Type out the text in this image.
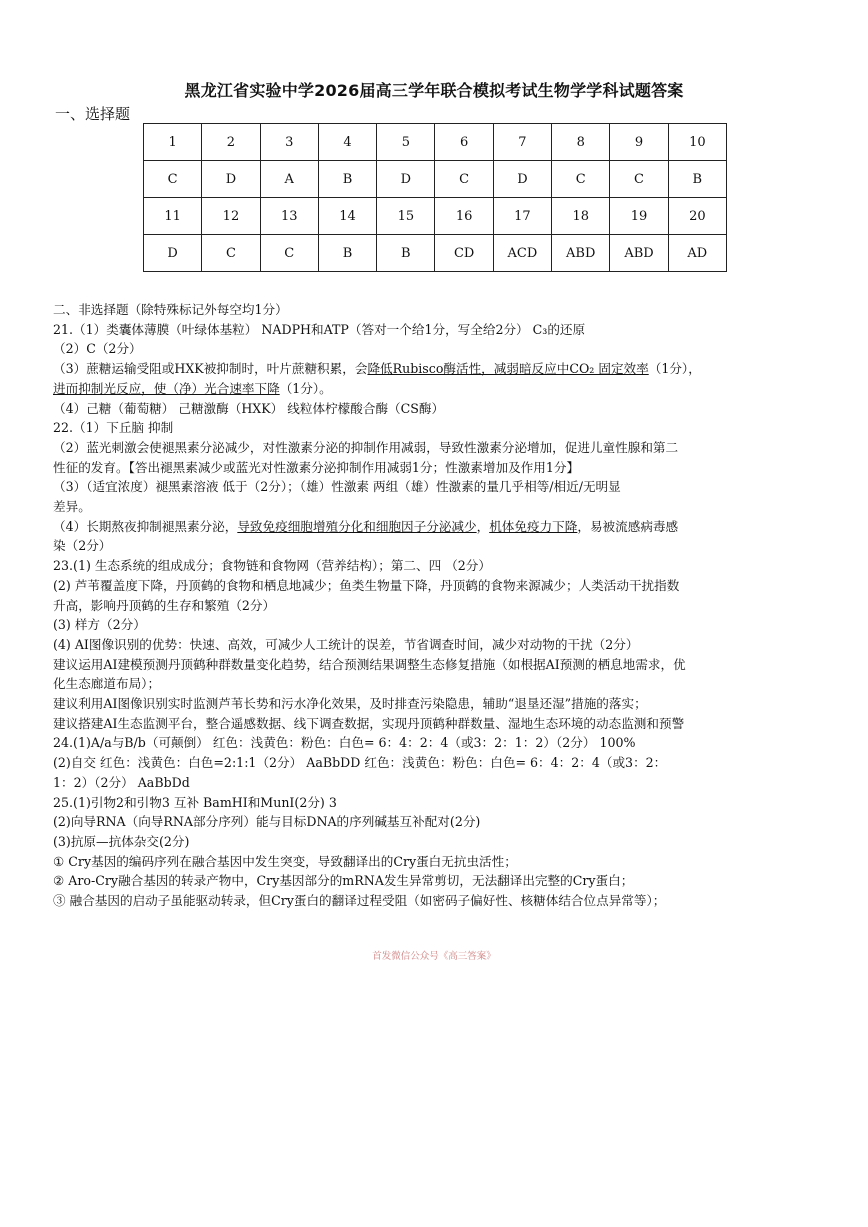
黑龙江省实验中学2026届高三学年联合模拟考试生物学学科试题答案
一、选择题
1	2	3	4	5	6	7	8	9	10
C	D	A	B	D	C	D	C	C	B
11	12	13	14	15	16	17	18	19	20
D	C	C	B	B	CD	ACD	ABD	ABD	AD
二、非选择题（除特殊标记外每空均1分）
21.（1）类囊体薄膜（叶绿体基粒） NADPH和ATP（答对一个给1分，写全给2分） C₃的还原
（2）C（2分）
（3）蔗糖运输受阻或HXK被抑制时，叶片蔗糖积累，会降低Rubisco酶活性，减弱暗反应中CO₂ 固定效率（1分），
进而抑制光反应，使（净）光合速率下降（1分）。
（4）己糖（葡萄糖） 己糖激酶（HXK） 线粒体柠檬酸合酶（CS酶）
22.（1）下丘脑 抑制
（2）蓝光刺激会使褪黑素分泌减少，对性激素分泌的抑制作用减弱，导致性激素分泌增加，促进儿童性腺和第二
性征的发育。【答出褪黑素减少或蓝光对性激素分泌抑制作用减弱1分；性激素增加及作用1分】
（3）（适宜浓度）褪黑素溶液 低于（2分）；（雄）性激素 两组（雄）性激素的量几乎相等/相近/无明显
差异。
（4）长期熬夜抑制褪黑素分泌，导致免疫细胞增殖分化和细胞因子分泌减少，机体免疫力下降，易被流感病毒感
染（2分）
23.(1) 生态系统的组成成分；食物链和食物网（营养结构）；第二、四 （2分）
(2) 芦苇覆盖度下降，丹顶鹤的食物和栖息地减少；鱼类生物量下降，丹顶鹤的食物来源减少；人类活动干扰指数
升高，影响丹顶鹤的生存和繁殖（2分）
(3) 样方（2分）
(4) AI图像识别的优势：快速、高效，可减少人工统计的误差，节省调查时间，减少对动物的干扰（2分）
建议运用AI建模预测丹顶鹤种群数量变化趋势，结合预测结果调整生态修复措施（如根据AI预测的栖息地需求，优
化生态廊道布局）；
建议利用AI图像识别实时监测芦苇长势和污水净化效果，及时排查污染隐患，辅助“退垦还湿”措施的落实；
建议搭建AI生态监测平台，整合遥感数据、线下调查数据，实现丹顶鹤种群数量、湿地生态环境的动态监测和预警
24.(1)A/a与B/b（可颠倒） 红色：浅黄色：粉色：白色= 6：4：2：4（或3：2：1：2）（2分） 100%
(2)自交 红色：浅黄色：白色=2:1:1（2分） AaBbDD 红色：浅黄色：粉色：白色= 6：4：2：4（或3：2：
1：2）（2分） AaBbDd
25.(1)引物2和引物3 互补 BamHI和MunI(2分) 3
(2)向导RNA（向导RNA部分序列）能与目标DNA的序列碱基互补配对(2分)
(3)抗原—抗体杂交(2分)
① Cry基因的编码序列在融合基因中发生突变，导致翻译出的Cry蛋白无抗虫活性；
② Aro-Cry融合基因的转录产物中，Cry基因部分的mRNA发生异常剪切，无法翻译出完整的Cry蛋白；
③ 融合基因的启动子虽能驱动转录，但Cry蛋白的翻译过程受阻（如密码子偏好性、核糖体结合位点异常等）；
首发微信公众号《高三答案》
